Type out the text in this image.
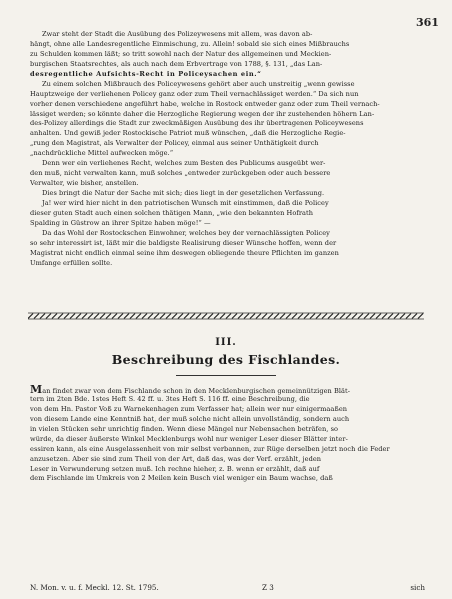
361
Zwar steht der Stadt die Ausübung des Polizeywesens mit allem, was davon ab-
hängt, ohne alle Landesregentliche Einmischung, zu. Allein! sobald sie sich eines Mißbrauchs
zu Schulden kommen läßt; so tritt sowohl nach der Natur des allgemeinen und Meckien-
burgischen Staatsrechtes, als auch nach dem Erbvertrage von 1788, §. 131, „das Lan-
desregentliche Aufsichts-Recht in Policeysachen ein.“
Zu einem solchen Mißbrauch des Policeywesens gehört aber auch unstreitig „wenn gewisse
Hauptzweige der verliehenen Policey ganz oder zum Theil vernachlässiget werden.“ Da sich nun
vorher denen verschiedene angeführt habe, welche in Rostock entweder ganz oder zum Theil vernach-
lässiget werden; so könnte daher die Herzogliche Regierung wegen der ihr zustehenden höhern Lan-
des-Polizey allerdings die Stadt zur zweckmäßigen Ausübung des ihr übertragenen Policeywesens
anhalten. Und gewiß jeder Rostockische Patriot muß wünschen, „daß die Herzogliche Regie-
„rung den Magistrat, als Verwalter der Policey, einmal aus seiner Unthätigkeit durch
„nachdrückliche Mittel aufwecken möge.“
Denn wer ein verliehenes Recht, welches zum Besten des Publicums ausgeübt wer-
den muß, nicht verwalten kann, muß solches „entweder zurückgeben oder auch bessere
Verwalter, wie bisher, anstellen.
Dies bringt die Natur der Sache mit sich; dies liegt in der gesetzlichen Verfassung.
Ja! wer wird hier nicht in den patriotischen Wunsch mit einstimmen, daß die Policey
dieser guten Stadt auch einen solchen thätigen Mann, „wie den bekannten Hofrath
Spalding in Güstrow an ihrer Spitze haben möge!“ —
Da das Wohl der Rostockschen Einwohner, welches bey der vernachlässigten Policey
so sehr interessirt ist, läßt mir die baldigste Realisirung dieser Wünsche hoffen, wenn der
Magistrat nicht endlich einmal seine ihm deswegen obliegende theure Pflichten im ganzen
Umfange erfüllen sollte.
III.
Beschreibung des Fischlandes.
Man findet zwar von dem Fischlande schon in den Mecklenburgischen gemeinnützigen Blät-
tern im 2ten Bde. 1stes Heft S. 42 ff. u. 3tes Heft S. 116 ff. eine Beschreibung, die
von dem Hn. Pastor Voß zu Warnekenhagen zum Verfasser hat; allein wer nur einigermaaßen
von diesem Lande eine Kenntniß hat, der muß solche nicht allein unvollständig, sondern auch
in vielen Stücken sehr unrichtig finden. Wenn diese Mängel nur Nebensachen beträfen, so
würde, da dieser äußerste Winkel Mecklenburgs wohl nur weniger Leser dieser Blätter inter-
essiren kann, als eine Ausgelassenheit von mir selbst verbannen, zur Rüge derselben jetzt noch die Feder
anzusetzen. Aber sie sind zum Theil von der Art, daß das, was der Verf. erzählt, jeden
Leser in Verwunderung setzen muß. Ich rechne hieher, z. B. wenn er erzählt, daß auf
dem Fischlande im Umkreis von 2 Meilen kein Busch viel weniger ein Baum wachse, daß
N. Mon. v. u. f. Meckl. 12. St. 1795.	Z 3	sich
